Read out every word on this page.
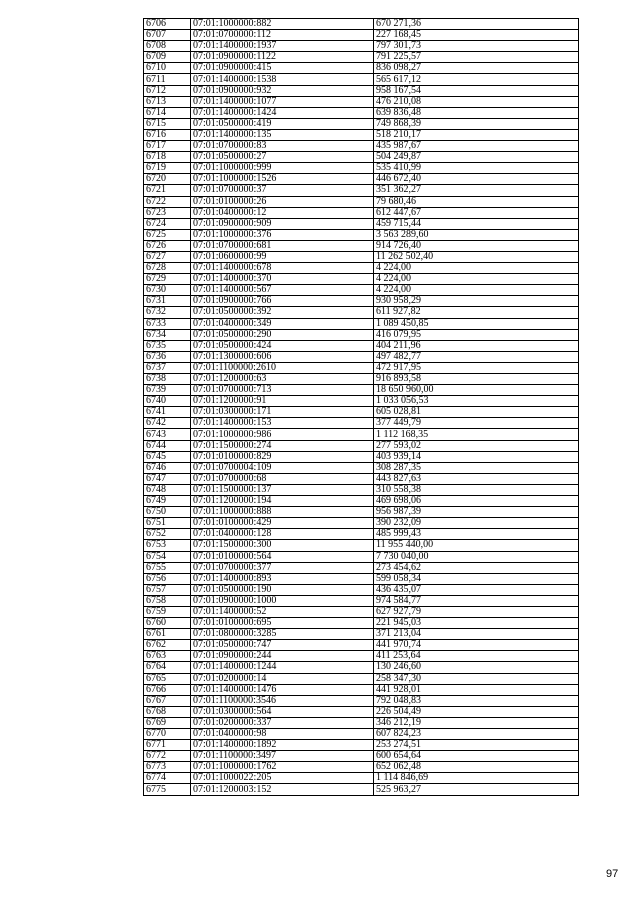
6706	07:01:1000000:882	670 271,36
6707	07:01:0700000:112	227 168,45
6708	07:01:1400000:1937	797 301,73
6709	07:01:0900000:1122	791 225,57
6710	07:01:0900000:415	836 098,27
6711	07:01:1400000:1538	565 617,12
6712	07:01:0900000:932	958 167,54
6713	07:01:1400000:1077	476 210,08
6714	07:01:1400000:1424	639 836,48
6715	07:01:0500000:419	749 868,39
6716	07:01:1400000:135	518 210,17
6717	07:01:0700000:83	435 987,67
6718	07:01:0500000:27	504 249,87
6719	07:01:1000000:999	535 410,99
6720	07:01:1000000:1526	446 672,40
6721	07:01:0700000:37	351 362,27
6722	07:01:0100000:26	79 680,46
6723	07:01:0400000:12	612 447,67
6724	07:01:0900000:909	459 715,44
6725	07:01:1000000:376	3 563 289,60
6726	07:01:0700000:681	914 726,40
6727	07:01:0600000:99	11 262 502,40
6728	07:01:1400000:678	4 224,00
6729	07:01:1400000:370	4 224,00
6730	07:01:1400000:567	4 224,00
6731	07:01:0900000:766	930 958,29
6732	07:01:0500000:392	611 927,82
6733	07:01:0400000:349	1 089 450,85
6734	07:01:0500000:290	416 079,95
6735	07:01:0500000:424	404 211,96
6736	07:01:1300000:606	497 482,77
6737	07:01:1100000:2610	472 917,95
6738	07:01:1200000:63	916 893,58
6739	07:01:0700000:713	18 650 960,00
6740	07:01:1200000:91	1 033 056,53
6741	07:01:0300000:171	605 028,81
6742	07:01:1400000:153	377 449,79
6743	07:01:1000000:986	1 112 168,35
6744	07:01:1500000:274	277 593,02
6745	07:01:0100000:829	403 939,14
6746	07:01:0700004:109	308 287,35
6747	07:01:0700000:68	443 827,63
6748	07:01:1500000:137	310 558,38
6749	07:01:1200000:194	469 698,06
6750	07:01:1000000:888	956 987,39
6751	07:01:0100000:429	390 232,09
6752	07:01:0400000:128	485 999,43
6753	07:01:1500000:300	11 955 440,00
6754	07:01:0100000:564	7 730 040,00
6755	07:01:0700000:377	273 454,62
6756	07:01:1400000:893	599 058,34
6757	07:01:0500000:190	436 435,07
6758	07:01:0900000:1000	974 584,77
6759	07:01:1400000:52	627 927,79
6760	07:01:0100000:695	221 945,03
6761	07:01:0800000:3285	371 213,04
6762	07:01:0500000:747	441 970,74
6763	07:01:0900000:244	411 253,64
6764	07:01:1400000:1244	130 246,60
6765	07:01:0200000:14	258 347,30
6766	07:01:1400000:1476	441 928,01
6767	07:01:1100000:3546	792 048,83
6768	07:01:0300000:564	226 504,49
6769	07:01:0200000:337	346 212,19
6770	07:01:0400000:98	607 824,23
6771	07:01:1400000:1892	253 274,51
6772	07:01:1100000:3497	600 654,64
6773	07:01:1000000:1762	652 062,48
6774	07:01:1000022:205	1 114 846,69
6775	07:01:1200003:152	525 963,27
97
